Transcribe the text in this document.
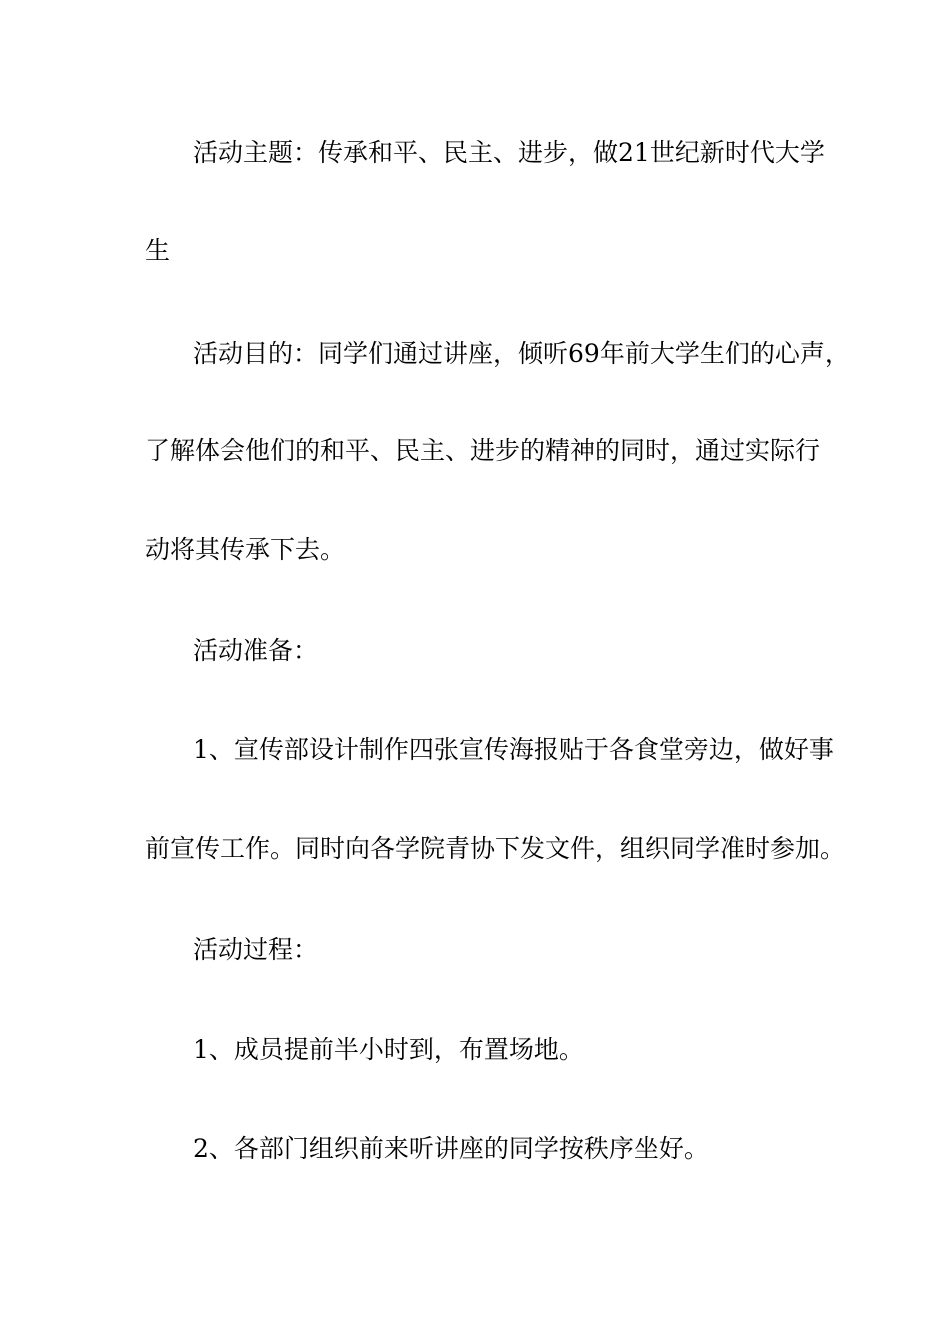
活动主题：传承和平、民主、进步，做21世纪新时代大学

生

活动目的：同学们通过讲座，倾听69年前大学生们的心声，

了解体会他们的和平、民主、进步的精神的同时，通过实际行

动将其传承下去。

活动准备：

1、宣传部设计制作四张宣传海报贴于各食堂旁边，做好事

前宣传工作。同时向各学院青协下发文件，组织同学准时参加。

活动过程：

1、成员提前半小时到，布置场地。

2、各部门组织前来听讲座的同学按秩序坐好。
